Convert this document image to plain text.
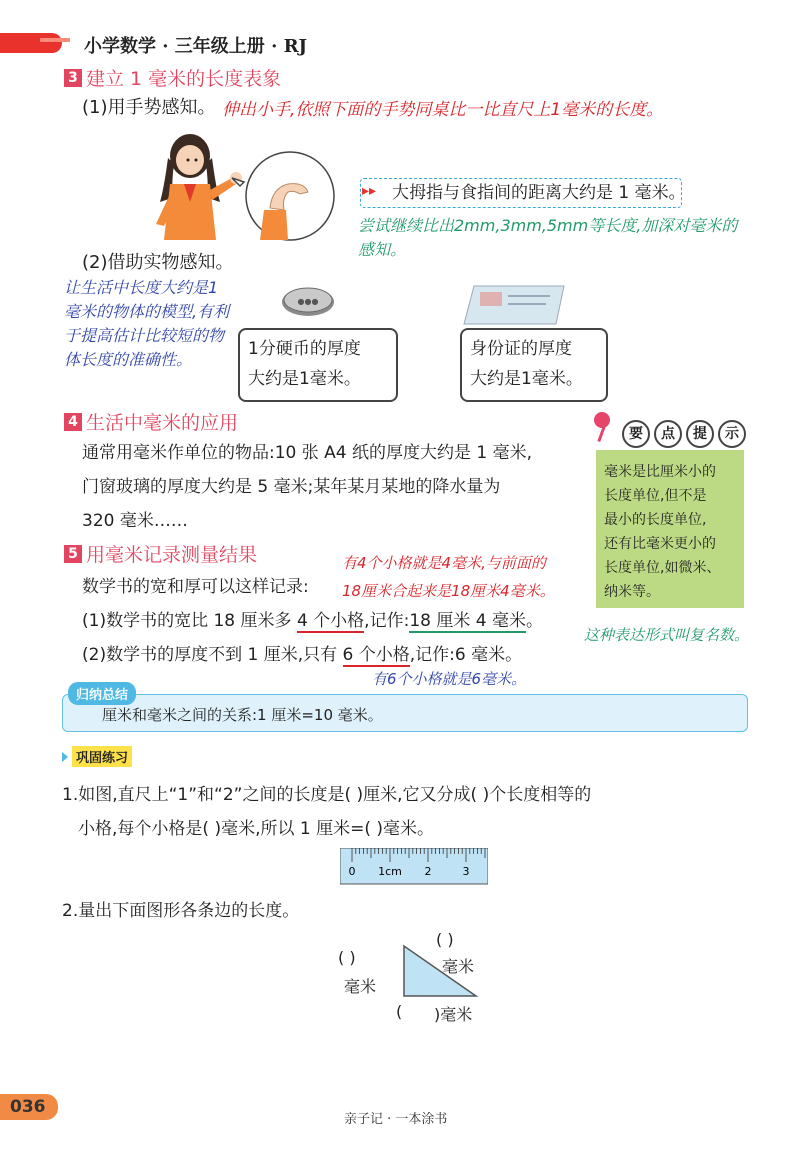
小学数学 · 三年级上册 · RJ
3 建立 1 毫米的长度表象
(1)用手势感知。 伸出小手,依照下面的手势同桌比一比直尺上1毫米的长度。
▸▸ 大拇指与食指间的距离大约是 1 毫米。
尝试继续比出2mm,3mm,5mm等长度,加深对毫米的感知。
(2)借助实物感知。
让生活中长度大约是1毫米的物体的模型,有利于提高估计比较短的物体长度的准确性。
●●●
1分硬币的厚度
大约是1毫米。
身份证的厚度
大约是1毫米。
4 生活中毫米的应用
通常用毫米作单位的物品:10 张 A4 纸的厚度大约是 1 毫米,
门窗玻璃的厚度大约是 5 毫米;某年某月某地的降水量为
320 毫米……
要	点	提	示
毫米是比厘米小的
长度单位,但不是
最小的长度单位,
还有比毫米更小的
长度单位,如微米、
纳米等。
5 用毫米记录测量结果	有4个小格就是4毫米,与前面的
18厘米合起来是18厘米4毫米。
数学书的宽和厚可以这样记录:
(1)数学书的宽比 18 厘米多 4 个小格,记作:18 厘米 4 毫米。
这种表达形式叫复名数。
(2)数学书的厚度不到 1 厘米,只有 6 个小格,记作:6 毫米。
有6个小格就是6毫米。
归纳总结
厘米和毫米之间的关系:1 厘米=10 毫米。
巩固练习
1.如图,直尺上“1”和“2”之间的长度是( )厘米,它又分成( )个长度相等的
小格,每个小格是( )毫米,所以 1 厘米=( )毫米。
0 1cm 2	3
2.量出下面图形各条边的长度。
( )
毫米
( )
毫米
( )毫米
036
亲子记 · 一本涂书
